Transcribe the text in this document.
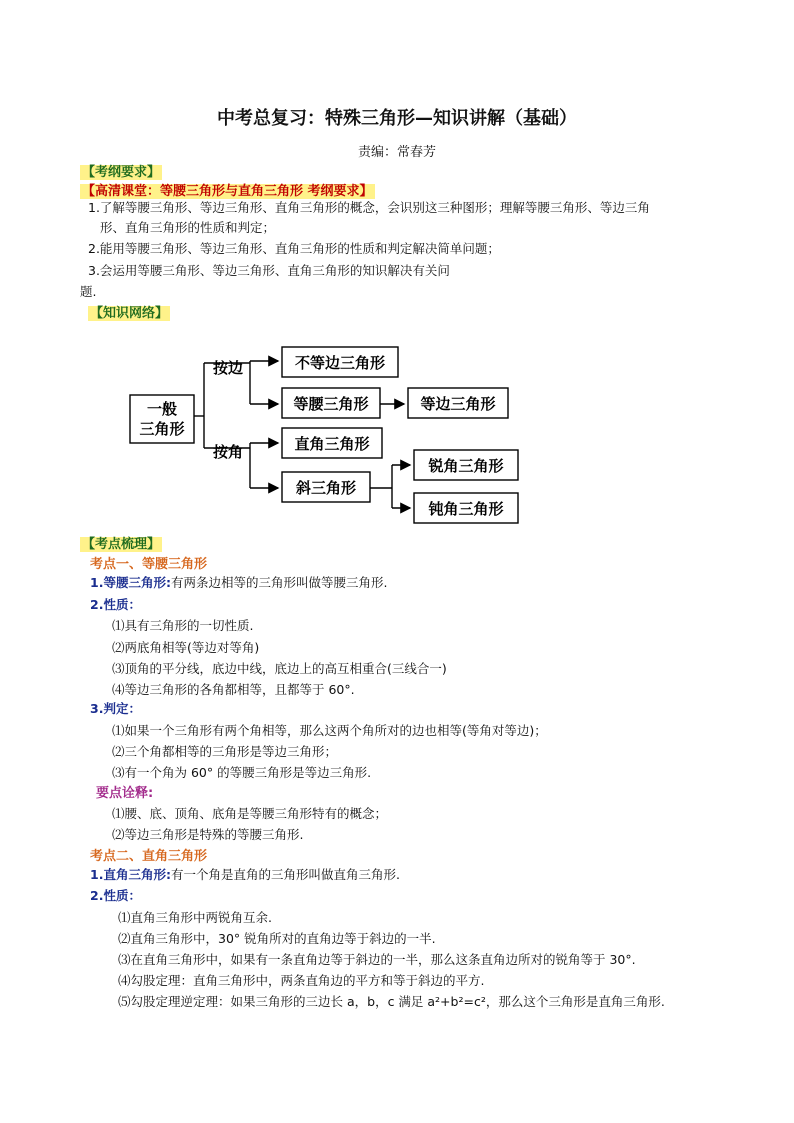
中考总复习：特殊三角形—知识讲解（基础）
责编：常春芳
【考纲要求】
【高清课堂：等腰三角形与直角三角形 考纲要求】
1.了解等腰三角形、等边三角形、直角三角形的概念，会识别这三种图形；理解等腰三角形、等边三角
形、直角三角形的性质和判定；
2.能用等腰三角形、等边三角形、直角三角形的性质和判定解决简单问题；
3.会运用等腰三角形、等边三角形、直角三角形的知识解决有关问
题.
【知识网络】
一般
三角形
按边
按角
不等边三角形
等腰三角形	等边三角形
直角三角形
斜三角形
锐角三角形
钝角三角形
【考点梳理】
考点一、等腰三角形
1.等腰三角形:有两条边相等的三角形叫做等腰三角形.
2.性质：
⑴具有三角形的一切性质.
⑵两底角相等(等边对等角)
⑶顶角的平分线，底边中线，底边上的高互相重合(三线合一)
⑷等边三角形的各角都相等，且都等于 60°.
3.判定：
⑴如果一个三角形有两个角相等，那么这两个角所对的边也相等(等角对等边)；
⑵三个角都相等的三角形是等边三角形；
⑶有一个角为 60° 的等腰三角形是等边三角形.
要点诠释:
⑴腰、底、顶角、底角是等腰三角形特有的概念；
⑵等边三角形是特殊的等腰三角形.
考点二、直角三角形
1.直角三角形:有一个角是直角的三角形叫做直角三角形.
2.性质：
⑴直角三角形中两锐角互余.
⑵直角三角形中，30° 锐角所对的直角边等于斜边的一半.
⑶在直角三角形中，如果有一条直角边等于斜边的一半，那么这条直角边所对的锐角等于 30°.
⑷勾股定理：直角三角形中，两条直角边的平方和等于斜边的平方.
⑸勾股定理逆定理：如果三角形的三边长 a，b，c 满足 a²+b²=c²，那么这个三角形是直角三角形.
